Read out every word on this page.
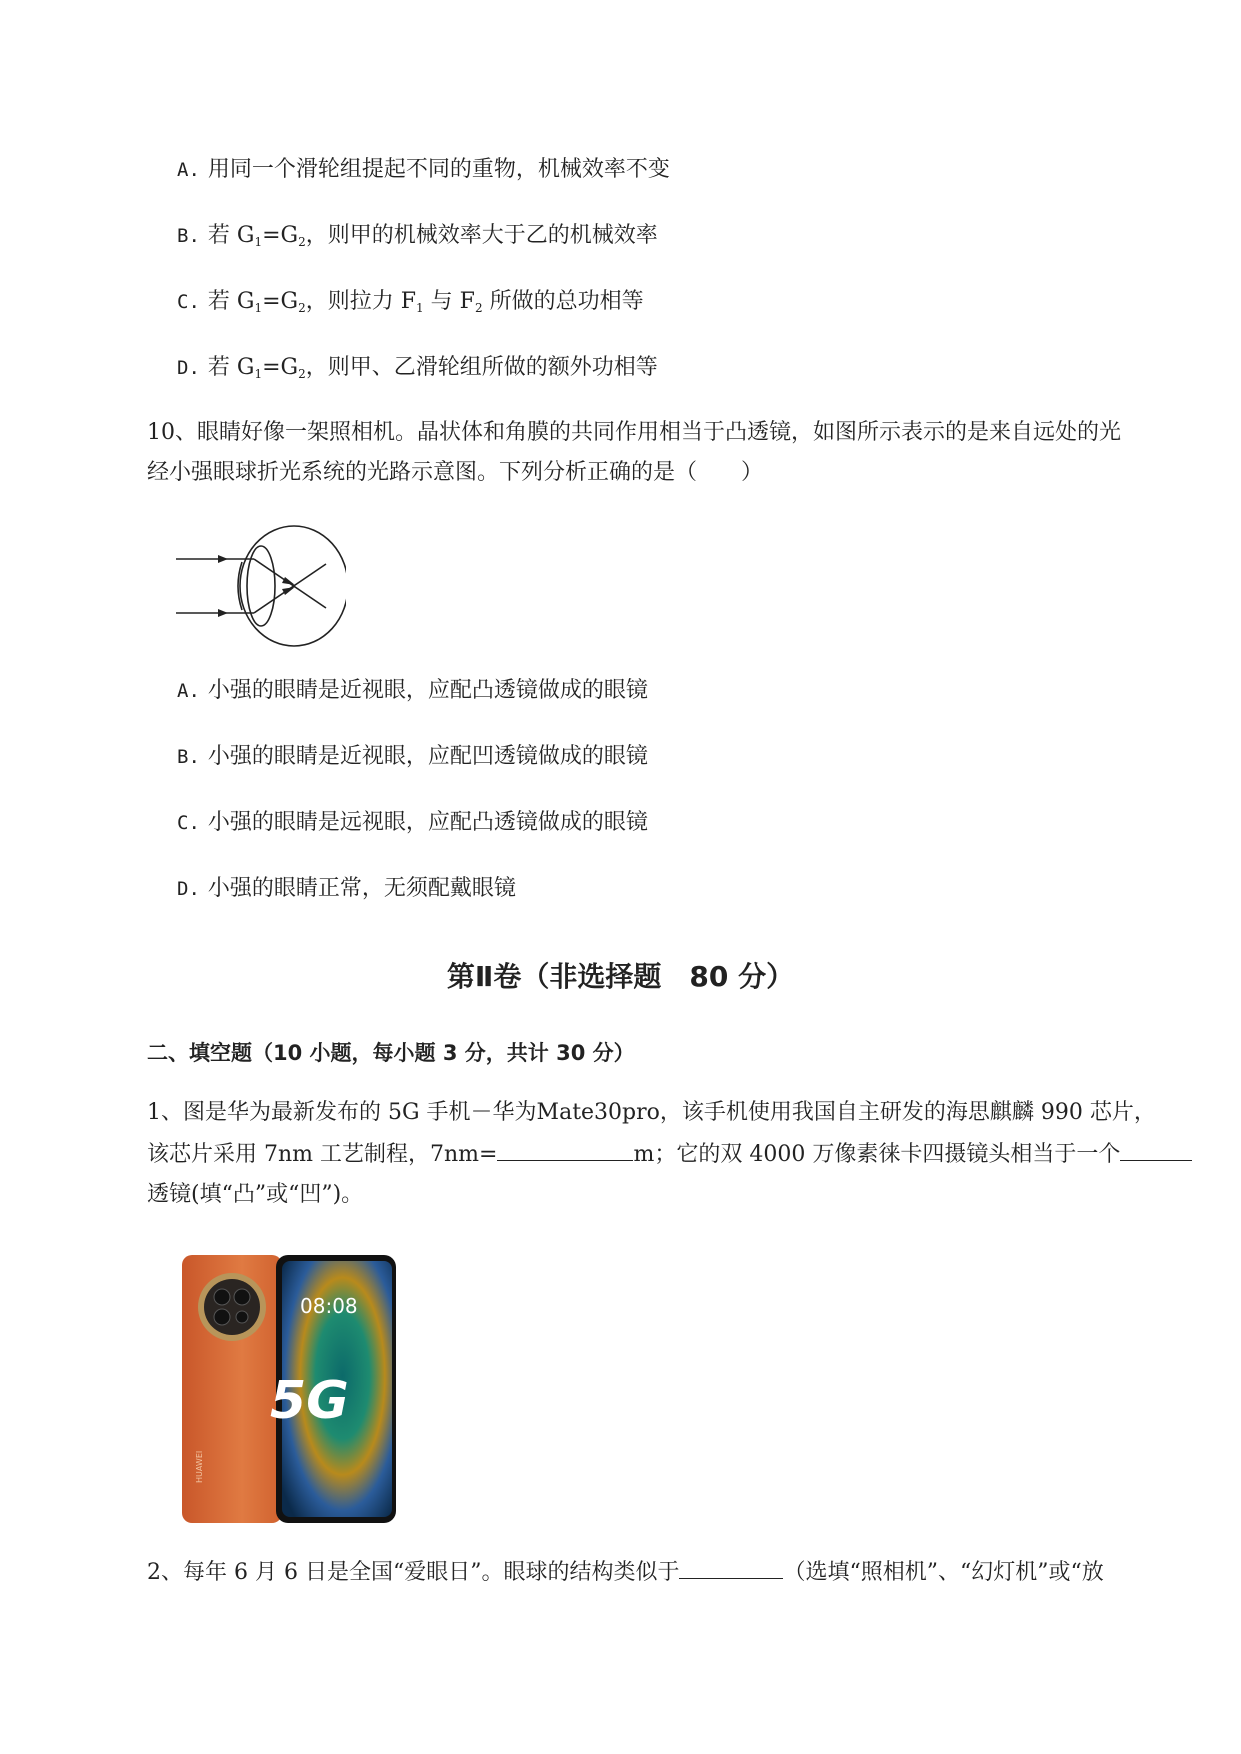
A. 用同一个滑轮组提起不同的重物，机械效率不变
B. 若 $G_1=G_2$，则甲的机械效率大于乙的机械效率
C. 若 $G_1=G_2$，则拉力 $F_1$ 与 $F_2$ 所做的总功相等
D. 若 $G_1=G_2$，则甲、乙滑轮组所做的额外功相等
10、眼睛好像一架照相机。晶状体和角膜的共同作用相当于凸透镜，如图所示表示的是来自远处的光
经小强眼球折光系统的光路示意图。下列分析正确的是（　　）
A. 小强的眼睛是近视眼，应配凸透镜做成的眼镜
B. 小强的眼睛是近视眼，应配凹透镜做成的眼镜
C. 小强的眼睛是远视眼，应配凸透镜做成的眼镜
D. 小强的眼睛正常，无须配戴眼镜
第Ⅱ卷（非选择题　80 分）
二、填空题（10 小题，每小题 3 分，共计 30 分）
1、图是华为最新发布的 5G 手机－华为Mate30pro，该手机使用我国自主研发的海思麒麟 990 芯片，
该芯片采用 7nm 工艺制程，7nm=	m；它的双 4000 万像素徕卡四摄镜头相当于一个
透镜(填“凸”或“凹”)。
HUAWEI
08:08
5G
2、每年 6 月 6 日是全国“爱眼日”。眼球的结构类似于	（选填“照相机”、“幻灯机”或“放
